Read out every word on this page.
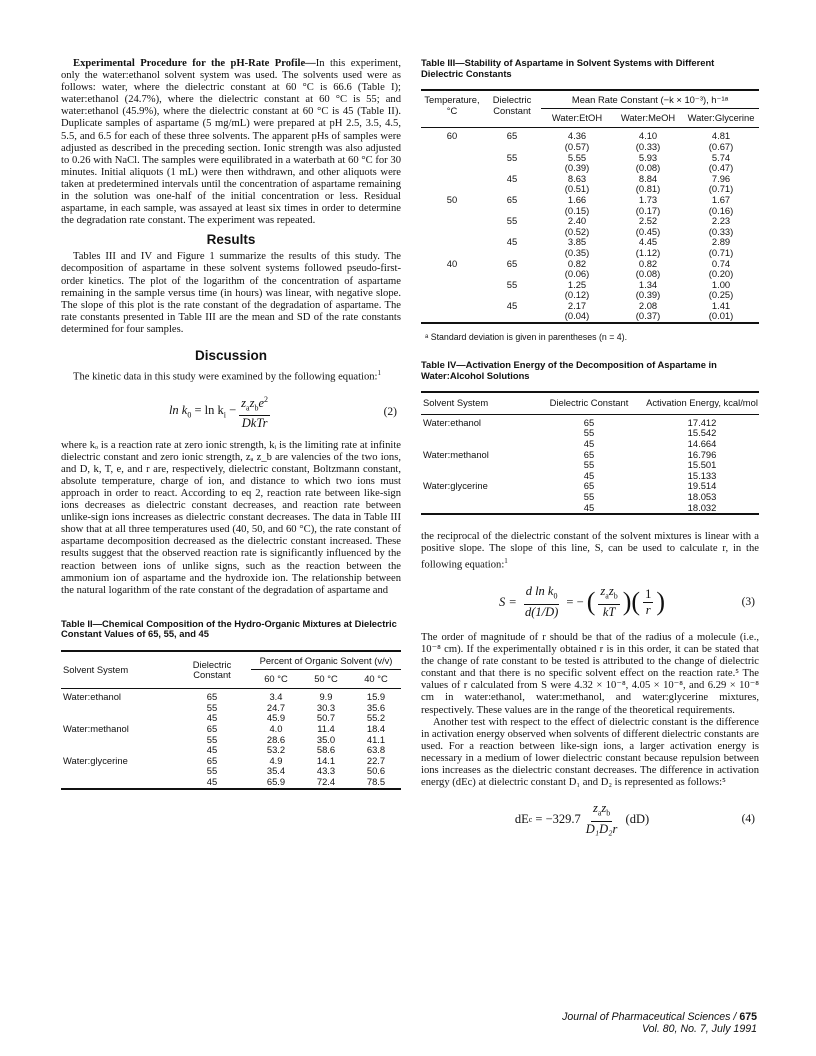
Experimental Procedure for the pH-Rate Profile—In this experiment, only the water:ethanol solvent system was used. The solvents used were as follows: water, where the dielectric constant at 60 °C is 66.6 (Table I); water:ethanol (24.7%), where the dielectric constant at 60 °C is 55; and water:ethanol (45.9%), where the dielectric constant at 60 °C is 45 (Table II). Duplicate samples of aspartame (5 mg/mL) were prepared at pH 2.5, 3.5, 4.5, 5.5, and 6.5 for each of these three solvents. The apparent pHs of samples were adjusted as described in the preceding section. Ionic strength was also adjusted to 0.26 with NaCl. The samples were equilibrated in a waterbath at 60 °C for 30 minutes. Initial aliquots (1 mL) were then withdrawn, and other aliquots were taken at predetermined intervals until the concentration of aspartame remaining in the solution was one-half of the initial concentration or less. Residual aspartame, in each sample, was assayed at least six times in order to determine the degradation rate constant. The experiment was repeated.

Results

Tables III and IV and Figure 1 summarize the results of this study. The decomposition of aspartame in these solvent systems followed pseudo-first-order kinetics. The plot of the logarithm of the concentration of aspartame remaining in the sample versus time (in hours) was linear, with negative slope. The slope of this plot is the rate constant of the degradation of aspartame. The rate constants presented in Table III are the mean and SD of the rate constants determined for four samples.

Discussion

The kinetic data in this study were examined by the following equation:$^1$

$\ln k_0 = \ln k_i - \frac{z_az_be^2}{\text{DkTr}}$	(2)

where kₒ is a reaction rate at zero ionic strength, kᵢ is the limiting rate at infinite dielectric constant and zero ionic strength, zₐ z_b are valencies of the two ions, and D, k, T, e, and r are, respectively, dielectric constant, Boltzmann constant, absolute temperature, charge of ion, and distance to which two ions must approach in order to react. According to eq 2, reaction rate between like-sign ions decreases as dielectric constant decreases, and reaction rate between unlike-sign ions increases as dielectric constant decreases. The data in Table III show that at all three temperatures used (40, 50, and 60 °C), the rate constant of aspartame decomposition decreased as the dielectric constant increased. These results suggest that the observed reaction rate is significantly influenced by the reaction between ions of unlike signs, such as the reaction between the ammonium ion of aspartame and the hydroxide ion. The relationship between the natural logarithm of the rate constant of the degradation of aspartame and

Table II—Chemical Composition of the Hydro-Organic Mixtures at Dielectric Constant Values of 65, 55, and 45
Solvent System	Dielectric Constant	Percent of Organic Solvent (v/v)		
		60 °C	50 °C	40 °C

Water:ethanol	65	3.4	9.9	15.9
	55	24.7	30.3	35.6
	45	45.9	50.7	55.2
Water:methanol	65	4.0	11.4	18.4
	55	28.6	35.0	41.1
	45	53.2	58.6	63.8
Water:glycerine	65	4.9	14.1	22.7
	55	35.4	43.3	50.6
	45	65.9	72.4	78.5
Table III—Stability of Aspartame in Solvent Systems with Different Dielectric Constants
Temperature, °C	Dielectric Constant	Mean Rate Constant (−k × 10⁻³), h⁻¹ᵃ		
		Water:EtOH	Water:MeOH	Water:Glycerine

60	65	4.36	4.10	4.81
		(0.57)	(0.33)	(0.67)
	55	5.55	5.93	5.74
		(0.39)	(0.08)	(0.47)
	45	8.63	8.84	7.96
		(0.51)	(0.81)	(0.71)
50	65	1.66	1.73	1.67
		(0.15)	(0.17)	(0.16)
	55	2.40	2.52	2.23
		(0.52)	(0.45)	(0.33)
	45	3.85	4.45	2.89
		(0.35)	(1.12)	(0.71)
40	65	0.82	0.82	0.74
		(0.06)	(0.08)	(0.20)
	55	1.25	1.34	1.00
		(0.12)	(0.39)	(0.25)
	45	2.17	2.08	1.41
		(0.04)	(0.37)	(0.01)
ᵃ Standard deviation is given in parentheses (n = 4).
Table IV—Activation Energy of the Decomposition of Aspartame in Water:Alcohol Solutions
Solvent System	Dielectric Constant	Activation Energy, kcal/mol

Water:ethanol	65	17.412
	55	15.542
	45	14.664
Water:methanol	65	16.796
	55	15.501
	45	15.133
Water:glycerine	65	19.514
	55	18.053
	45	18.032

the reciprocal of the dielectric constant of the solvent mixtures is linear with a positive slope. The slope of this line, S, can be used to calculate r, in the following equation:$^1$

$S = \frac{d \ln k_0}{d(1/D)}$ = − ( $\frac{z_az_b}{kT}$ )( $\frac{1}{r}$ )	(3)

The order of magnitude of r should be that of the radius of a molecule (i.e., 10⁻⁸ cm). If the experimentally obtained r is in this order, it can be stated that the change of rate constant to be tested is attributed to the change of dielectric constant and that there is no specific solvent effect on the reaction rate.⁵ The values of r calculated from S were 4.32 × 10⁻⁸, 4.05 × 10⁻⁸, and 6.29 × 10⁻⁸ cm in water:ethanol, water:methanol, and water:glycerine mixtures, respectively. These values are in the range of the theoretical requirements.

Another test with respect to the effect of dielectric constant is the difference in activation energy observed when solvents of different dielectric constants are used. For a reaction between like-sign ions, a larger activation energy is necessary in a medium of lower dielectric constant because repulsion between ions increases as the dielectric constant decreases. The difference in activation energy (dEc) at dielectric constant D₁ and D₂ is represented as follows:⁵

dE $c = -329.7 \frac{z_az_b}{\text{D₁D₂r}} (dD)$	(4)
Journal of Pharmaceutical Sciences / 675
Vol. 80, No. 7, July 1991
